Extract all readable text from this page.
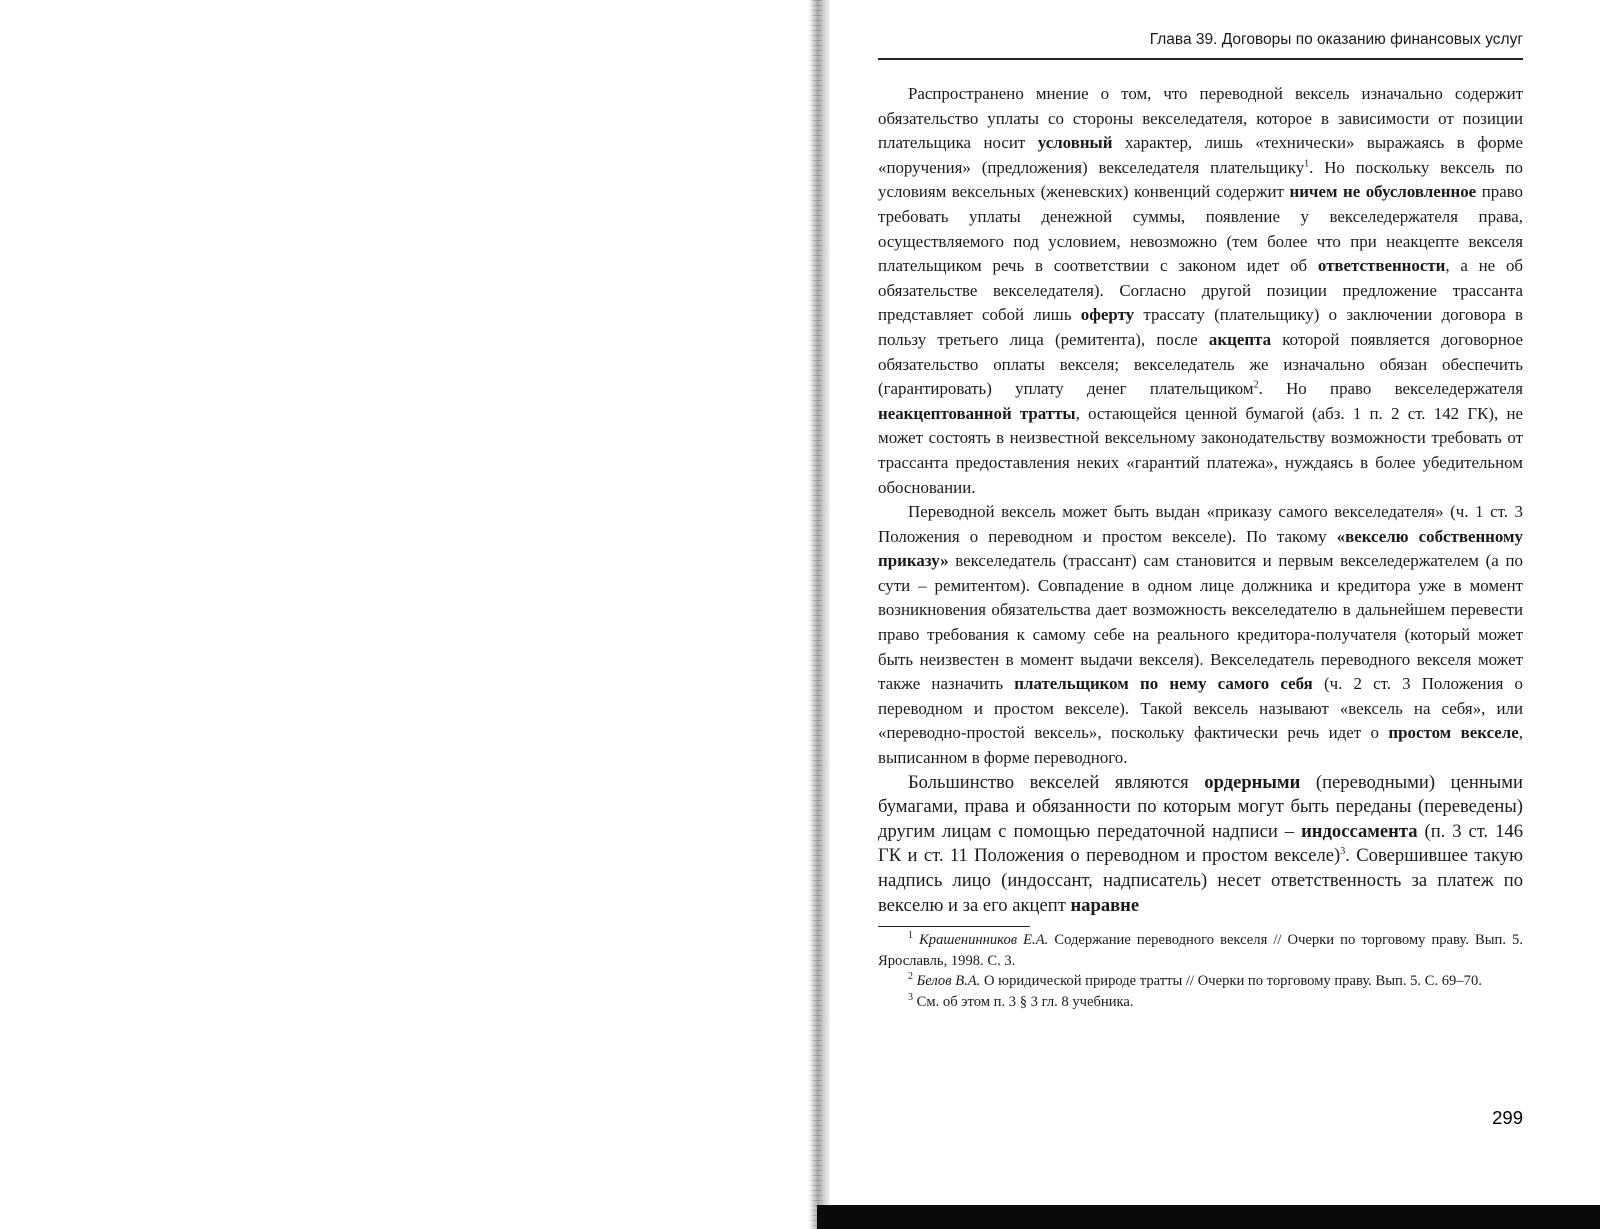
Глава 39. Договоры по оказанию финансовых услуг

Распространено мнение о том, что переводной вексель изначально содержит обязательство уплаты со стороны векселедателя, которое в зависимости от позиции плательщика носит условный характер, лишь «технически» выражаясь в форме «поручения» (предложения) векселедателя плательщику$^1$. Но поскольку вексель по условиям вексельных (женевских) конвенций содержит ничем не обусловленное право требовать уплаты денежной суммы, появление у векселедержателя права, осуществляемого под условием, невозможно (тем более что при неакцепте векселя плательщиком речь в соответствии с законом идет об ответственности, а не об обязательстве векселедателя). Согласно другой позиции предложение трассанта представляет собой лишь оферту трассату (плательщику) о заключении договора в пользу третьего лица (ремитента), после акцепта которой появляется договорное обязательство оплаты векселя; векселедатель же изначально обязан обеспечить (гарантировать) уплату денег плательщиком$^2$. Но право векселедержателя неакцептованной тратты, остающейся ценной бумагой (абз. 1 п. 2 ст. 142 ГК), не может состоять в неизвестной вексельному законодательству возможности требовать от трассанта предоставления неких «гарантий платежа», нуждаясь в более убедительном обосновании.

Переводной вексель может быть выдан «приказу самого векселедателя» (ч. 1 ст. 3 Положения о переводном и простом векселе). По такому «векселю собственному приказу» векселедатель (трассант) сам становится и первым векселедержателем (а по сути – ремитентом). Совпадение в одном лице должника и кредитора уже в момент возникновения обязательства дает возможность векселедателю в дальнейшем перевести право требования к самому себе на реального кредитора-получателя (который может быть неизвестен в момент выдачи векселя). Векселедатель переводного векселя может также назначить плательщиком по нему самого себя (ч. 2 ст. 3 Положения о переводном и простом векселе). Такой вексель называют «вексель на себя», или «переводно-простой вексель», поскольку фактически речь идет о простом векселе, выписанном в форме переводного.

Большинство векселей являются ордерными (переводными) ценными бумагами, права и обязанности по которым могут быть переданы (переведены) другим лицам с помощью передаточной надписи – индоссамента (п. 3 ст. 146 ГК и ст. 11 Положения о переводном и простом векселе)$^3$. Совершившее такую надпись лицо (индоссант, надписатель) несет ответственность за платеж по векселю и за его акцепт наравне

$^1$ Крашенинников Е.А. Содержание переводного векселя // Очерки по торговому праву. Вып. 5. Ярославль, 1998. С. 3.

$^2$ Белов В.А. О юридической природе тратты // Очерки по торговому праву. Вып. 5. С. 69–70.

$^3$ См. об этом п. 3 § 3 гл. 8 учебника.

299
